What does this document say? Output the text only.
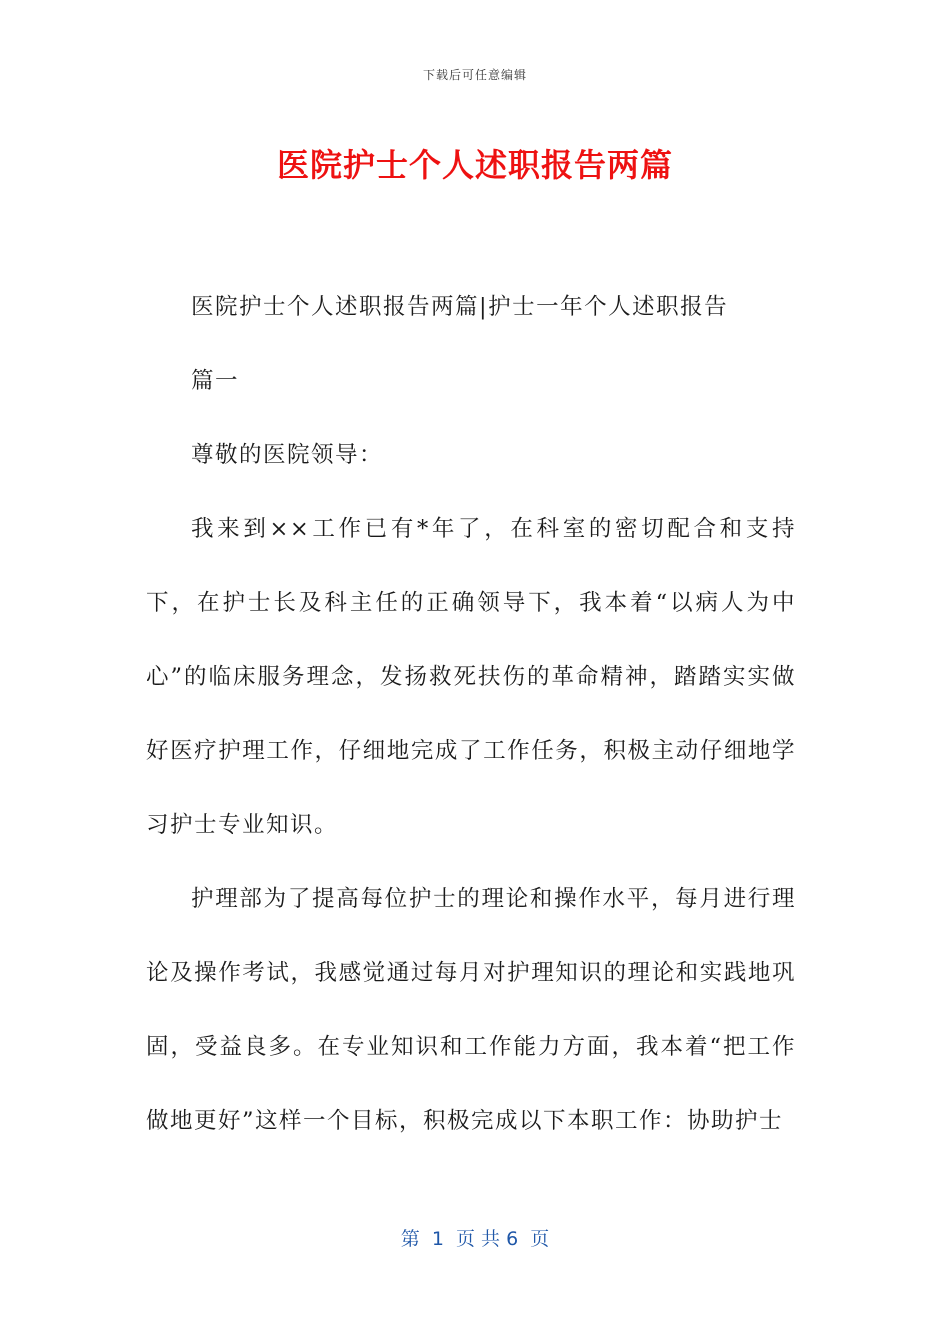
下载后可任意编辑
医院护士个人述职报告两篇

医院护士个人述职报告两篇|护士一年个人述职报告

篇一

尊敬的医院领导：

我来到××工作已有*年了，在科室的密切配合和支持下，在护士长及科主任的正确领导下，我本着“以病人为中心”的临床服务理念，发扬救死扶伤的革命精神，踏踏实实做好医疗护理工作，仔细地完成了工作任务，积极主动仔细地学习护士专业知识。

护理部为了提高每位护士的理论和操作水平，每月进行理论及操作考试，我感觉通过每月对护理知识的理论和实践地巩固，受益良多。在专业知识和工作能力方面，我本着“把工作做地更好”这样一个目标，积极完成以下本职工作：协助护士

第  1  页 共 6  页
